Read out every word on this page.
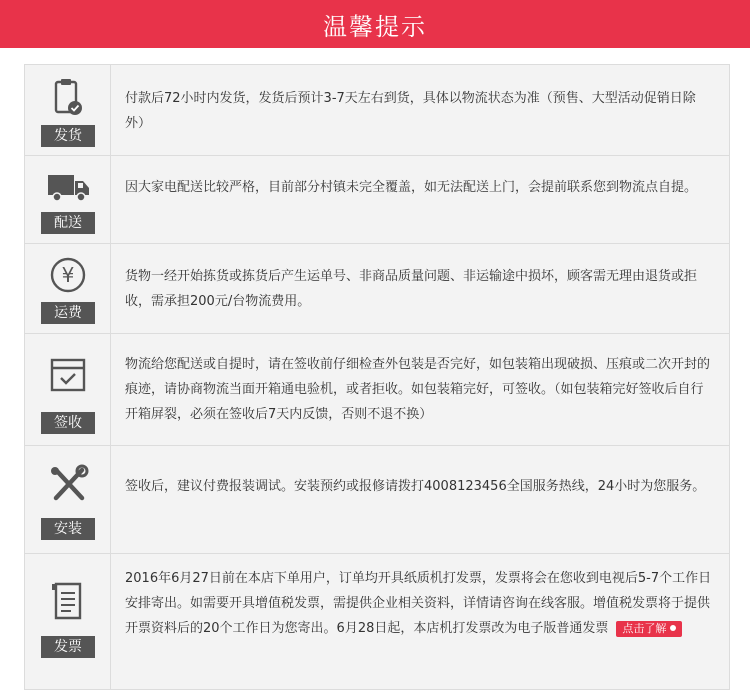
温馨提示
发货
付款后72小时内发货，发货后预计3-7天左右到货，具体以物流状态为准（预售、大型活动促销日除外）
配送
因大家电配送比较严格，目前部分村镇未完全覆盖，如无法配送上门，会提前联系您到物流点自提。
¥
运费
货物一经开始拣货或拣货后产生运单号、非商品质量问题、非运输途中损坏，顾客需无理由退货或拒收，需承担200元/台物流费用。
签收
物流给您配送或自提时，请在签收前仔细检查外包装是否完好，如包装箱出现破损、压痕或二次开封的痕迹，请协商物流当面开箱通电验机，或者拒收。如包装箱完好，可签收。（如包装箱完好签收后自行开箱屏裂，必须在签收后7天内反馈，否则不退不换）
安装
签收后，建议付费报装调试。安装预约或报修请拨打4008123456全国服务热线，24小时为您服务。
发票
2016年6月27日前在本店下单用户，订单均开具纸质机打发票，发票将会在您收到电视后5-7个工作日安排寄出。如需要开具增值税发票，需提供企业相关资料，详情请咨询在线客服。增值税发票将于提供开票资料后的20个工作日为您寄出。6月28日起，本店机打发票改为电子版普通发票 点击了解
